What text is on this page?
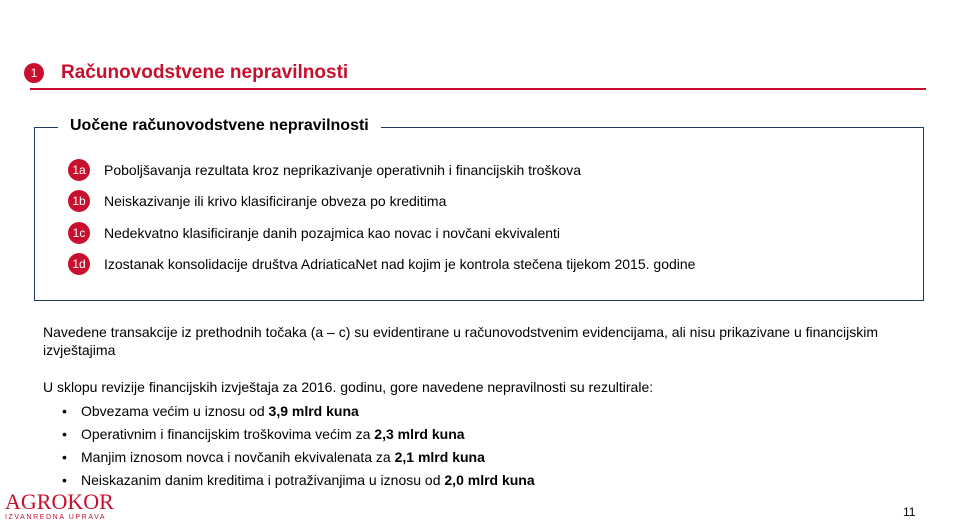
1	Računovodstvene nepravilnosti
Uočene računovodstvene nepravilnosti
1a	Poboljšavanja rezultata kroz neprikazivanje operativnih i financijskih troškova
1b	Neiskazivanje ili krivo klasificiranje obveza po kreditima
1c	Nedekvatno klasificiranje danih pozajmica kao novac i novčani ekvivalenti
1d	Izostanak konsolidacije društva AdriaticaNet nad kojim je kontrola stečena tijekom 2015. godine
Navedene transakcije iz prethodnih točaka (a – c) su evidentirane u računovodstvenim evidencijama, ali nisu prikazivane u financijskim izvještajima
U sklopu revizije financijskih izvještaja za 2016. godinu, gore navedene nepravilnosti su rezultirale:
•	Obvezama većim u iznosu od 3,9 mlrd kuna
•	Operativnim i financijskim troškovima većim za 2,3 mlrd kuna
•	Manjim iznosom novca i novčanih ekvivalenata za 2,1 mlrd kuna
•	Neiskazanim danim kreditima i potraživanjima u iznosu od 2,0 mlrd kuna
AGROKOR
IZVANREDNA UPRAVA	11
